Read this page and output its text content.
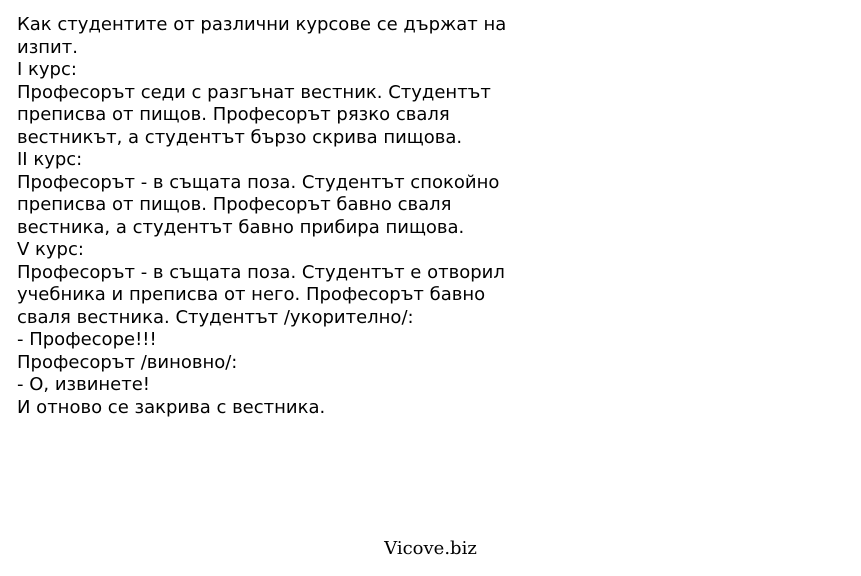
Как студентите от различни курсове се държат на
изпит.
I курс:
Професорът седи с разгънат вестник. Студентът
преписва от пищов. Професорът рязко сваля
вестникът, а студентът бързо скрива пищова.
II курс:
Професорът - в същата поза. Студентът спокойно
преписва от пищов. Професорът бавно сваля
вестника, а студентът бавно прибира пищова.
V курс:
Професорът - в същата поза. Студентът е отворил
учебника и преписва от него. Професорът бавно
сваля вестника. Студентът /укорително/:
- Професоре!!!
Професорът /виновно/:
- О, извинете!
И отново се закрива с вестника.
Vicove.biz
